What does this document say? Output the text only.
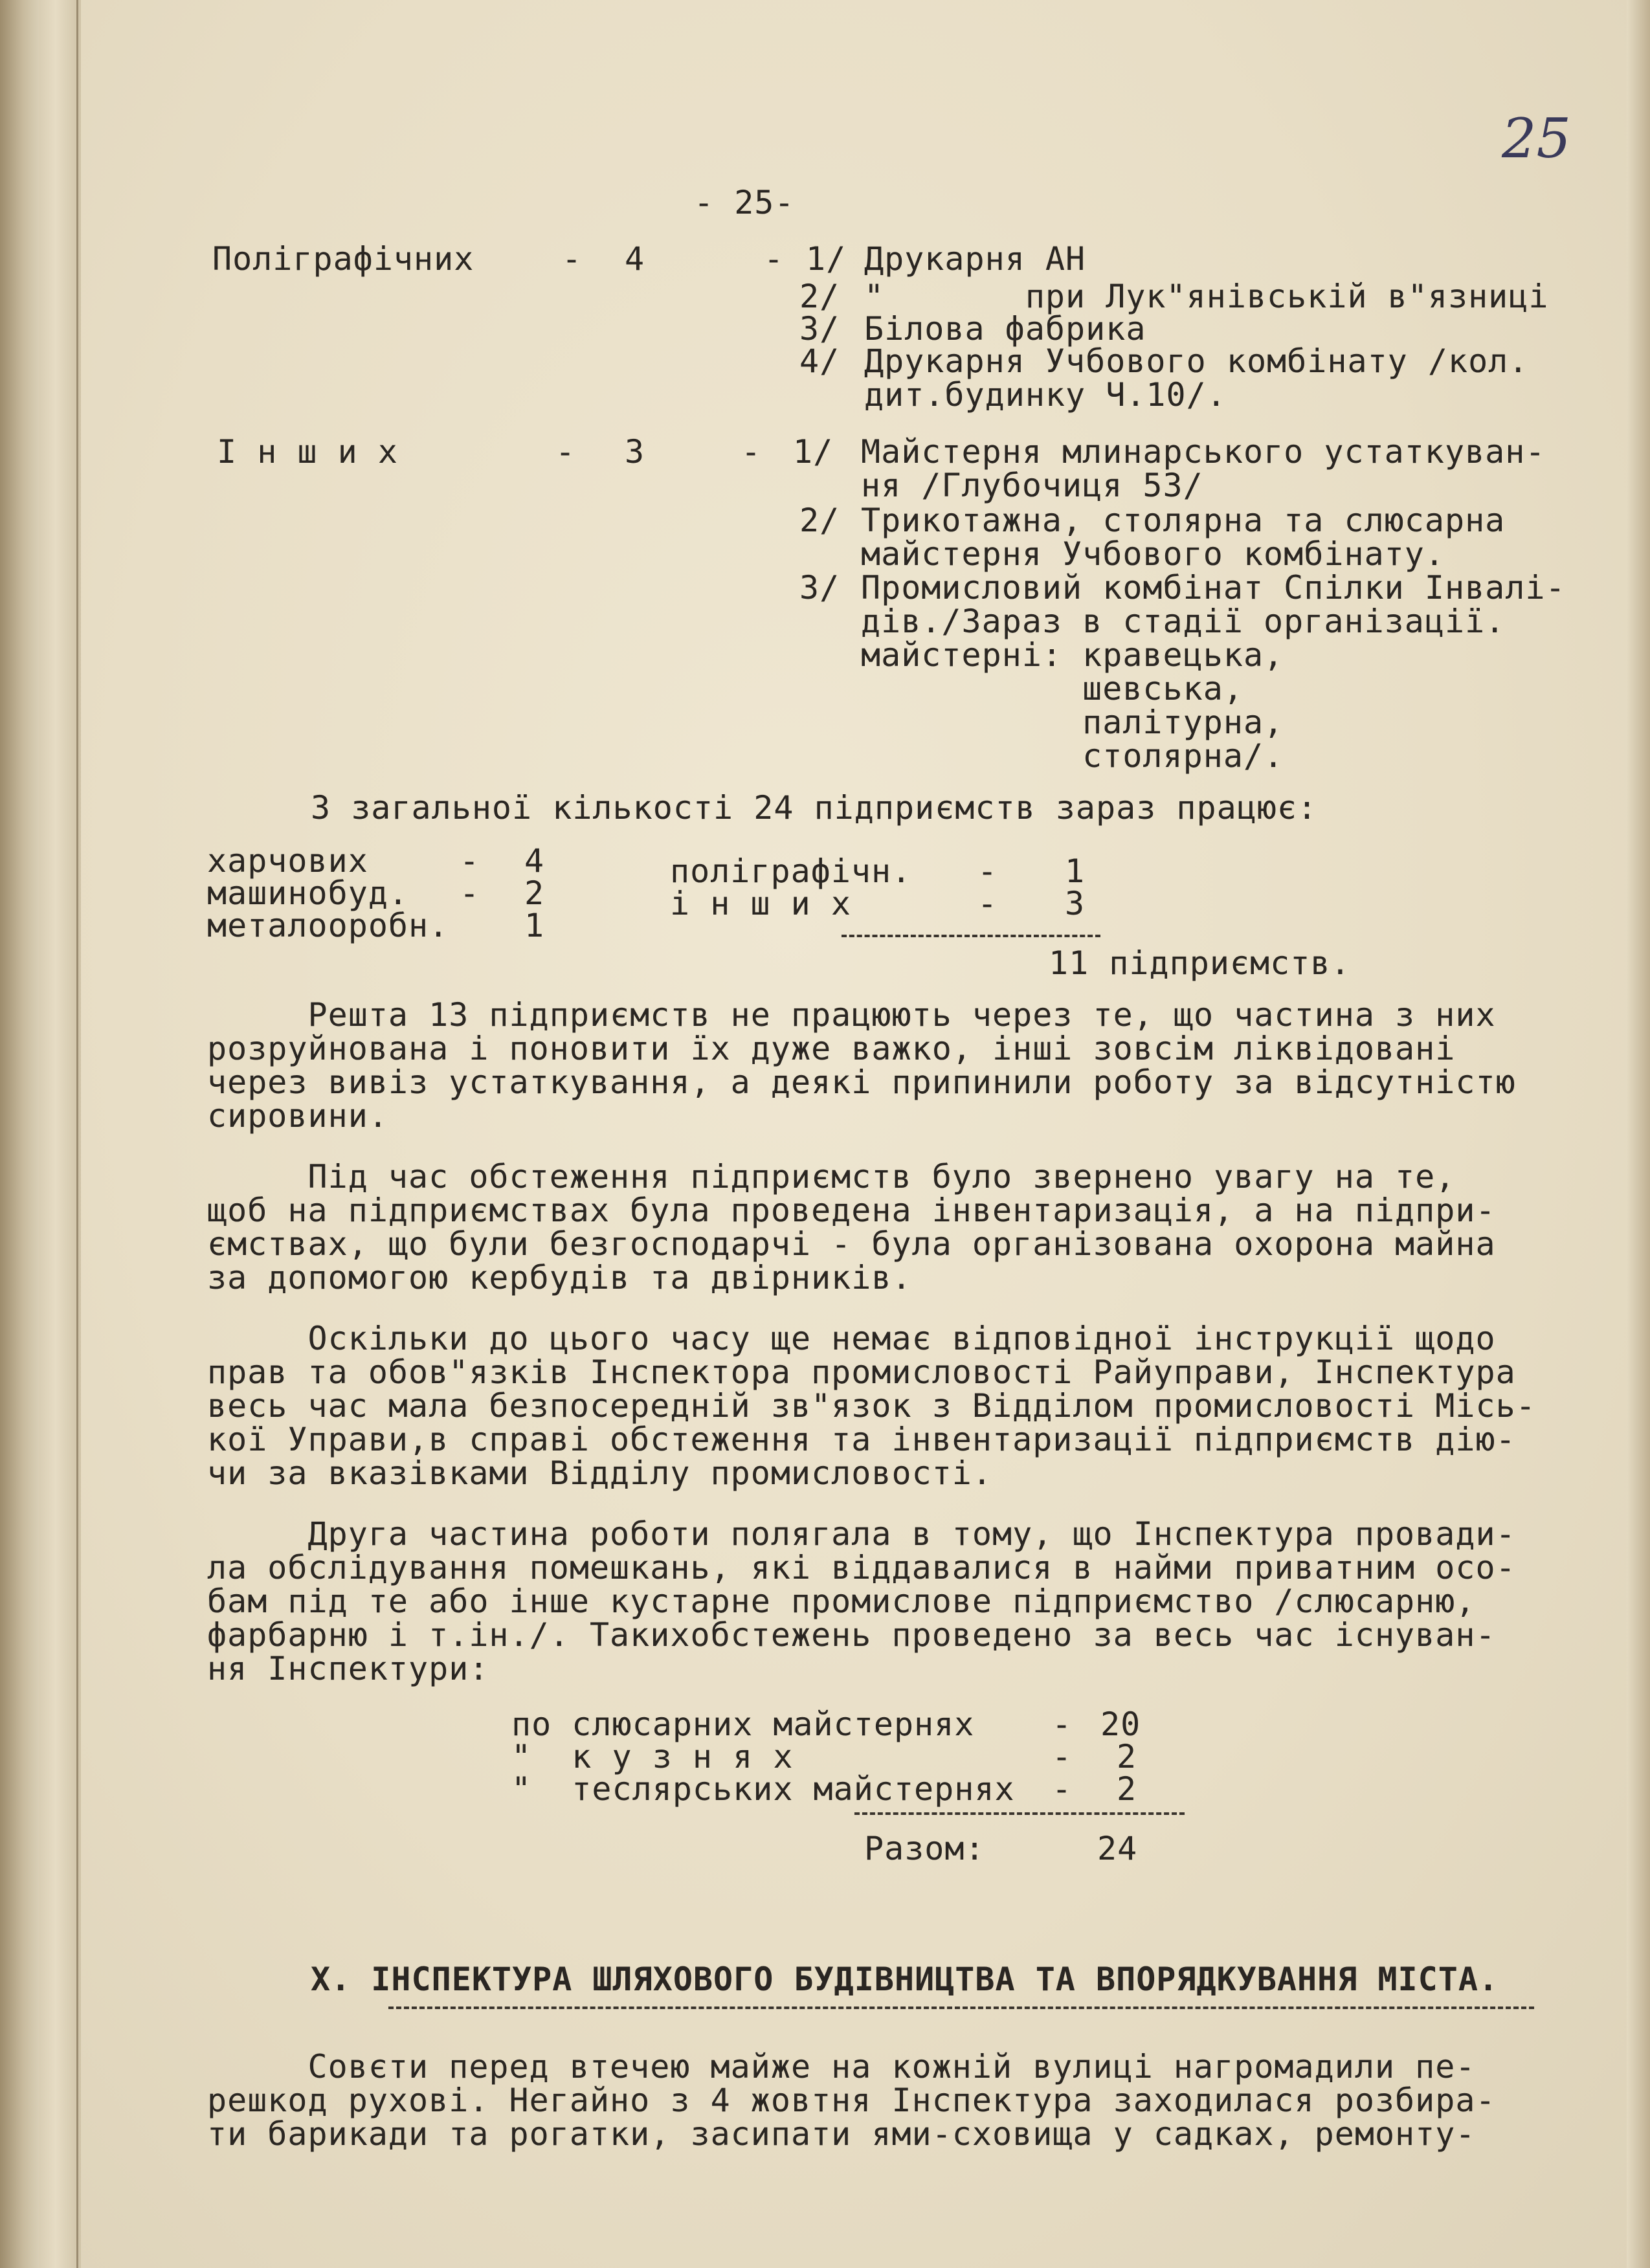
25
- 25-
Поліграфічних	- 4	- 1/ Друкарня АН
2/ "       при Лук"янівській в"язниці
3/ Білова фабрика
4/ Друкарня Учбового комбінату /кол.
дит.будинку Ч.10/.
І н ш и х	- 3	- 1/ Майстерня млинарського устаткуван-
ня /Глубочиця 53/
2/ Трикотажна, столярна та слюсарна
майстерня Учбового комбінату.
3/ Промисловий комбінат Спілки Інвалі-
дів./Зараз в стадії організації.
майстерні: кравецька,
шевська,
палітурна,
столярна/.
З загальної кількості 24 підприємств зараз працює:
харчових	- 4	поліграфічн. - 1
машинобуд. - 2	і н ш и х	- 3
металооробн. 1
11 підприємств.
Решта 13 підприємств не працюють через те, що частина з них
розруйнована і поновити їх дуже важко, інші зовсім ліквідовані
через вивіз устаткування, а деякі припинили роботу за відсутністю
сировини.
Під час обстеження підприємств було звернено увагу на те,
щоб на підприємствах була проведена інвентаризація, а на підпри-
ємствах, що були безгосподарчі - була організована охорона майна
за допомогою кербудів та двірників.
Оскільки до цього часу ще немає відповідної інструкції щодо
прав та обов"язків Інспектора промисловості Райуправи, Інспектура
весь час мала безпосередній зв"язок з Відділом промисловості Місь-
кої Управи,в справі обстеження та інвентаризації підприємств дію-
чи за вказівками Відділу промисловості.
Друга частина роботи полягала в тому, що Інспектура провади-
ла обслідування помешкань, які віддавалися в найми приватним осо-
бам під те або інше кустарне промислове підприємство /слюсарню,
фарбарню і т.ін./. Такихобстежень проведено за весь час існуван-
ня Інспектури:
по слюсарних майстернях - 20
"  к у з н я х	- 2
"  теслярських майстернях - 2
Разом:	24
Х. ІНСПЕКТУРА ШЛЯХОВОГО БУДІВНИЦТВА ТА ВПОРЯДКУВАННЯ МІСТА.
Совєти перед втечею майже на кожній вулиці нагромадили пе-
решкод рухові. Негайно з 4 жовтня Інспектура заходилася розбира-
ти барикади та рогатки, засипати ями-сховища у садках, ремонту-
